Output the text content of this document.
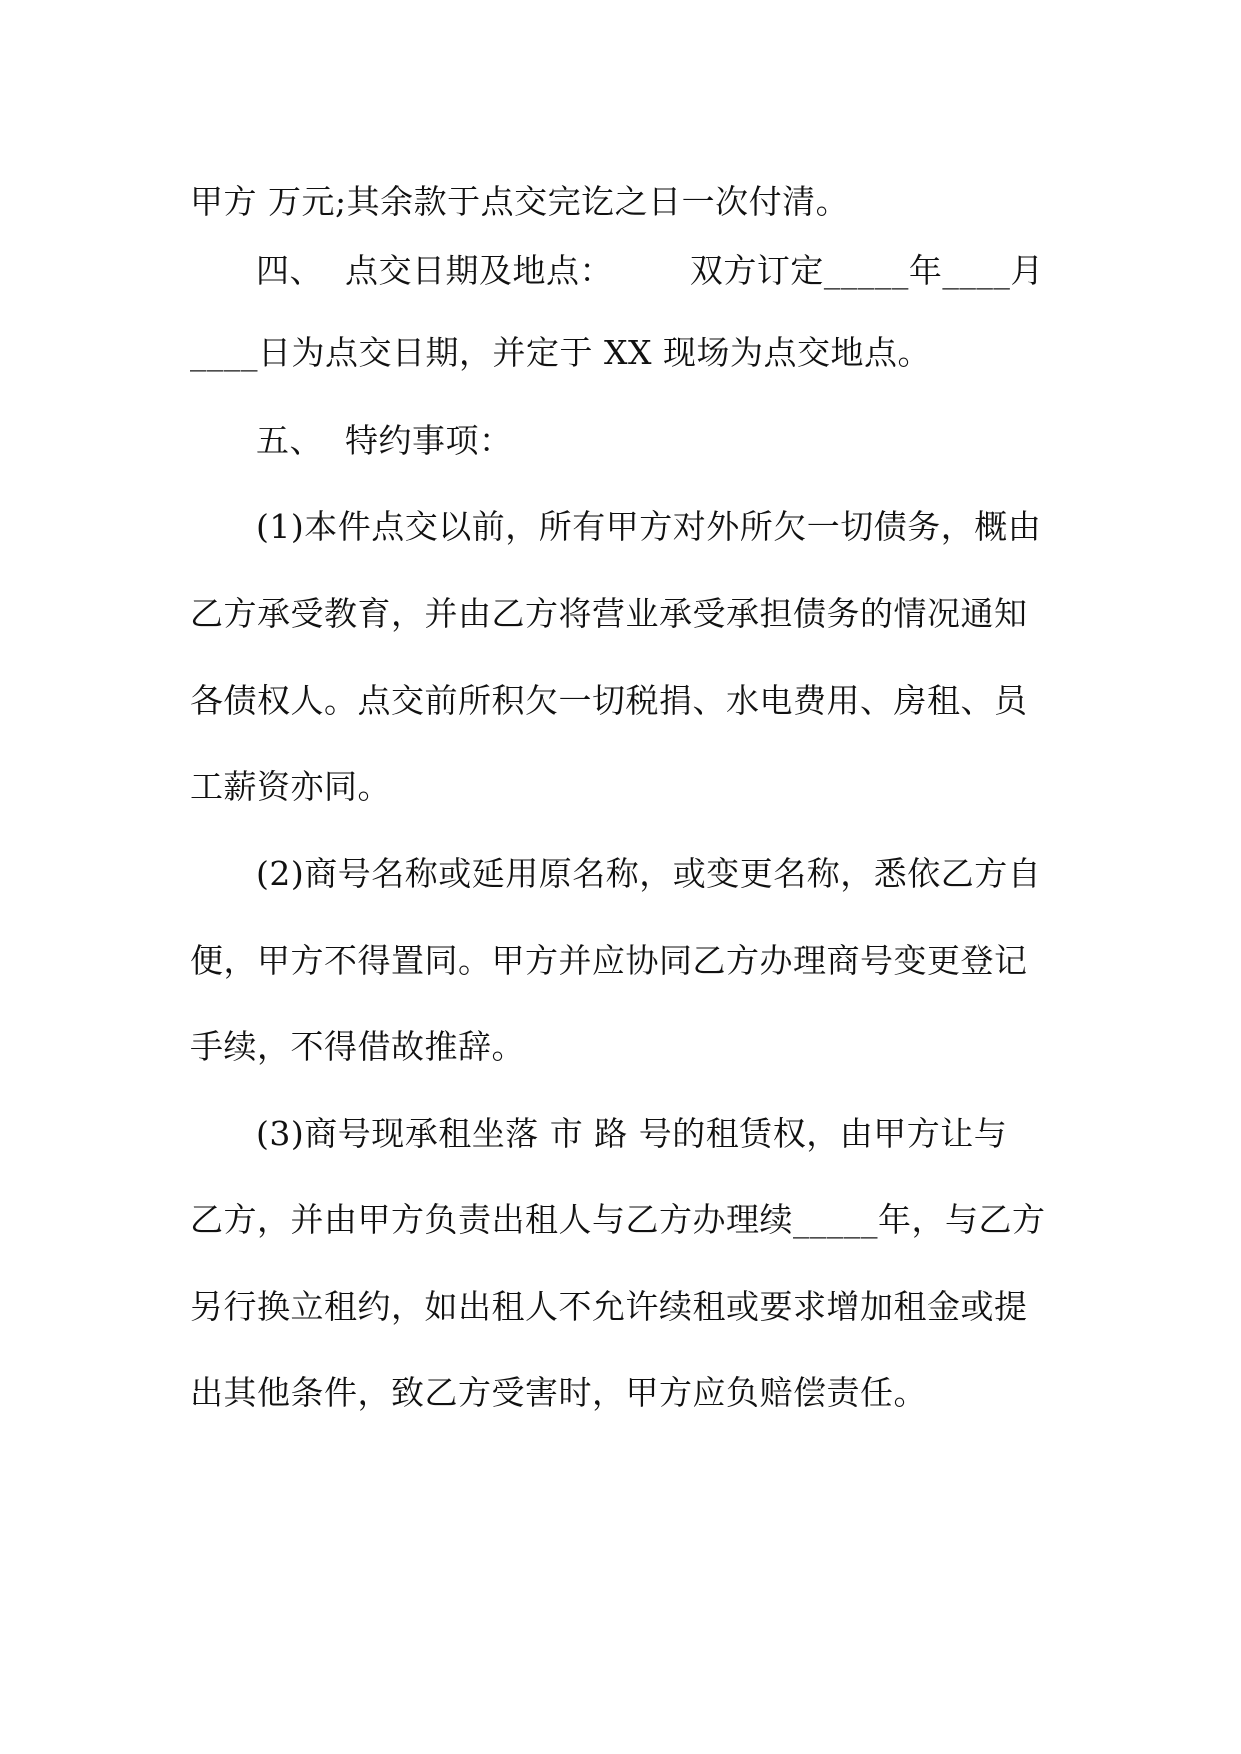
甲方 万元;其余款于点交完讫之日一次付清。
四、  点交日期及地点：       双方订定_____年____月
____日为点交日期，并定于 XX 现场为点交地点。
五、  特约事项：
(1)本件点交以前，所有甲方对外所欠一切债务，概由
乙方承受教育，并由乙方将营业承受承担债务的情况通知
各债权人。点交前所积欠一切税捐、水电费用、房租、员
工薪资亦同。
(2)商号名称或延用原名称，或变更名称，悉依乙方自
便，甲方不得置同。甲方并应协同乙方办理商号变更登记
手续，不得借故推辞。
(3)商号现承租坐落 市 路 号的租赁权，由甲方让与
乙方，并由甲方负责出租人与乙方办理续_____年，与乙方
另行换立租约，如出租人不允许续租或要求增加租金或提
出其他条件，致乙方受害时，甲方应负赔偿责任。
